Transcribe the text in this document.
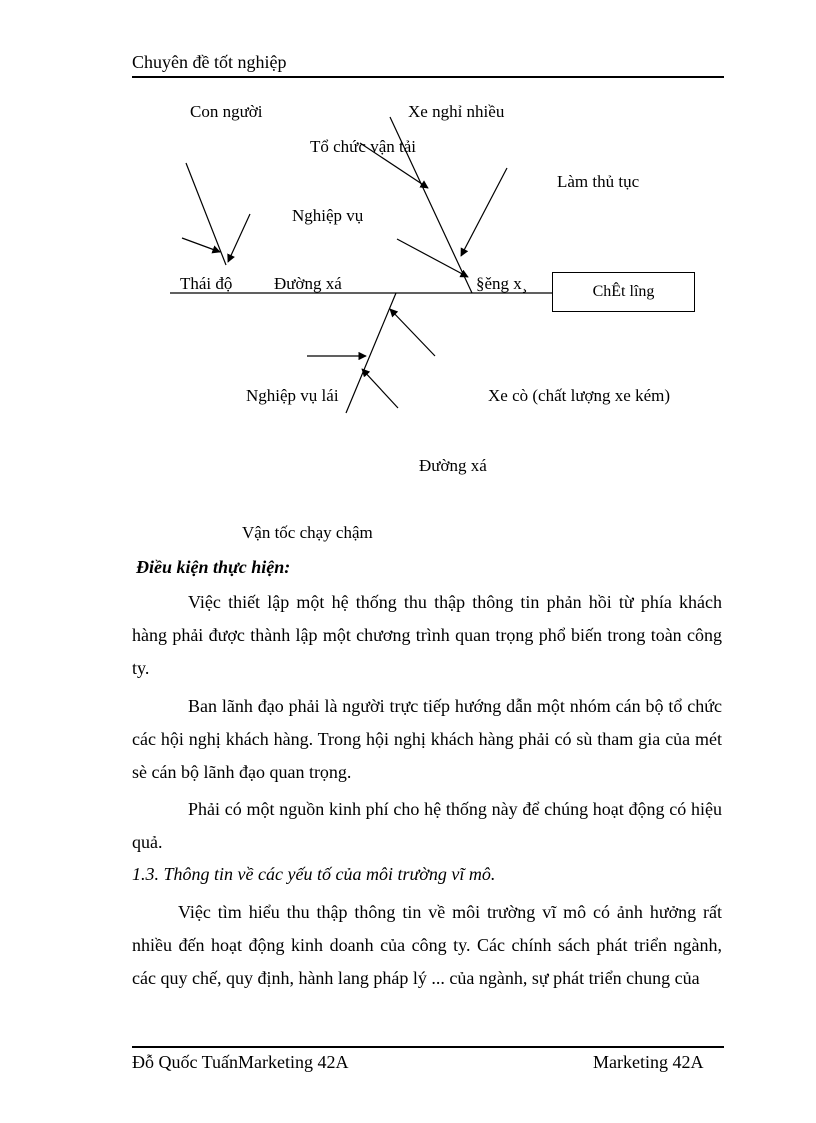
Chuyên đề tốt nghiệp
Con người	Xe nghỉ nhiều
Tổ chức vận tải
Làm thủ tục
Nghiệp vụ
Thái độ Đường xá	§ěng x¸	ChÊt lîng
Nghiệp vụ lái	Xe cò (chất lượng xe kém)
Đường xá
Vận tốc chạy chậm
Điều kiện thực hiện:
Việc thiết lập một hệ thống thu thập thông tin phản hồi từ phía khách hàng phải được thành lập một chương trình quan trọng phổ biến trong toàn công ty.
Ban lãnh đạo phải là người trực tiếp hướng dẫn một nhóm cán bộ tổ chức các hội nghị khách hàng. Trong hội nghị khách hàng phải có sù tham gia của mét sè cán bộ lãnh đạo quan trọng.
Phải có một nguồn kinh phí cho hệ thống này để chúng hoạt động có hiệu quả.
1.3. Thông tin về các yếu tố của môi trường vĩ mô.
Việc tìm hiểu thu thập thông tin về môi trường vĩ mô có ảnh hưởng rất nhiều đến hoạt động kinh doanh của công ty. Các chính sách phát triển ngành, các quy chế, quy định, hành lang pháp lý ... của ngành, sự phát triển chung của
Đỗ Quốc TuấnMarketing 42A	Marketing 42A
